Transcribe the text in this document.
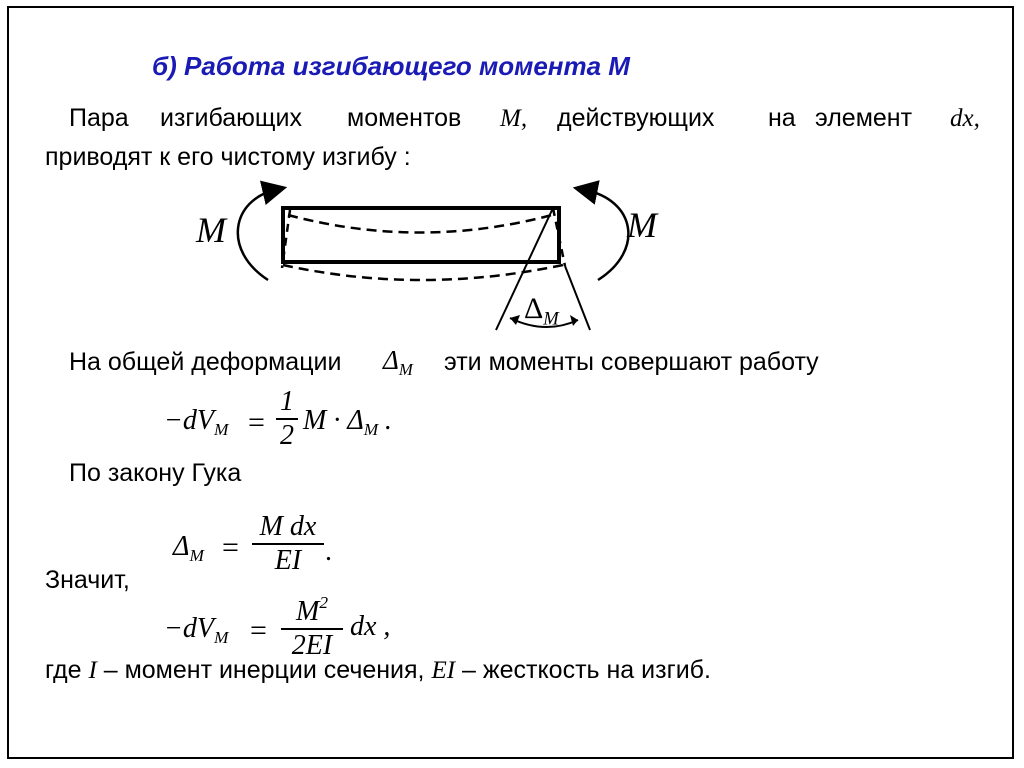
б) Работа изгибающего момента М
Пара изгибающих моментов M, действующих на элемент dx,
приводят к его чистому изгибу :
M	M
$\Delta_M$
На общей деформации $\Delta_M$ эти моменты совершают работу
$-dV_M$ =
1
2 $M \cdot \Delta_M$ .
По закону Гука
$\Delta_M$ =
M dx
EI .
Значит,
$-dV_M$ =
$M^2$
2EI
dx ,
где I – момент инерции сечения, EI – жесткость на изгиб.
